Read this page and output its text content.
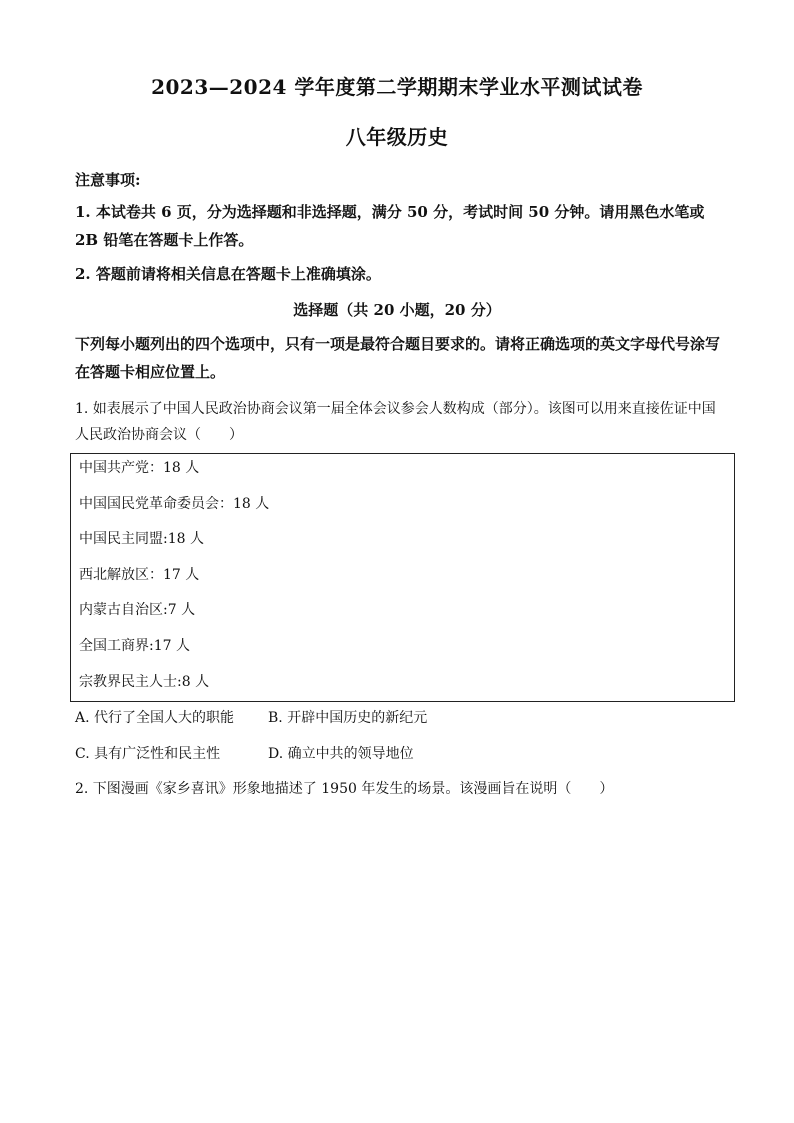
2023—2024 学年度第二学期期末学业水平测试试卷
八年级历史
注意事项:
1. 本试卷共 6 页，分为选择题和非选择题，满分 50 分，考试时间 50 分钟。请用黑色水笔或 2B 铅笔在答题卡上作答。
2. 答题前请将相关信息在答题卡上准确填涂。
选择题（共 20 小题，20 分）
下列每小题列出的四个选项中，只有一项是最符合题目要求的。请将正确选项的英文字母代号涂写在答题卡相应位置上。
1. 如表展示了中国人民政治协商会议第一届全体会议参会人数构成（部分）。该图可以用来直接佐证中国人民政治协商会议（　　）
中国共产党：18 人
中国国民党革命委员会：18 人
中国民主同盟:18 人
西北解放区：17 人
内蒙古自治区:7 人
全国工商界:17 人
宗教界民主人士:8 人
A. 代行了全国人大的职能 B. 开辟中国历史的新纪元
C. 具有广泛性和民主性	D. 确立中共的领导地位
2. 下图漫画《家乡喜讯》形象地描述了 1950 年发生的场景。该漫画旨在说明（　　）
